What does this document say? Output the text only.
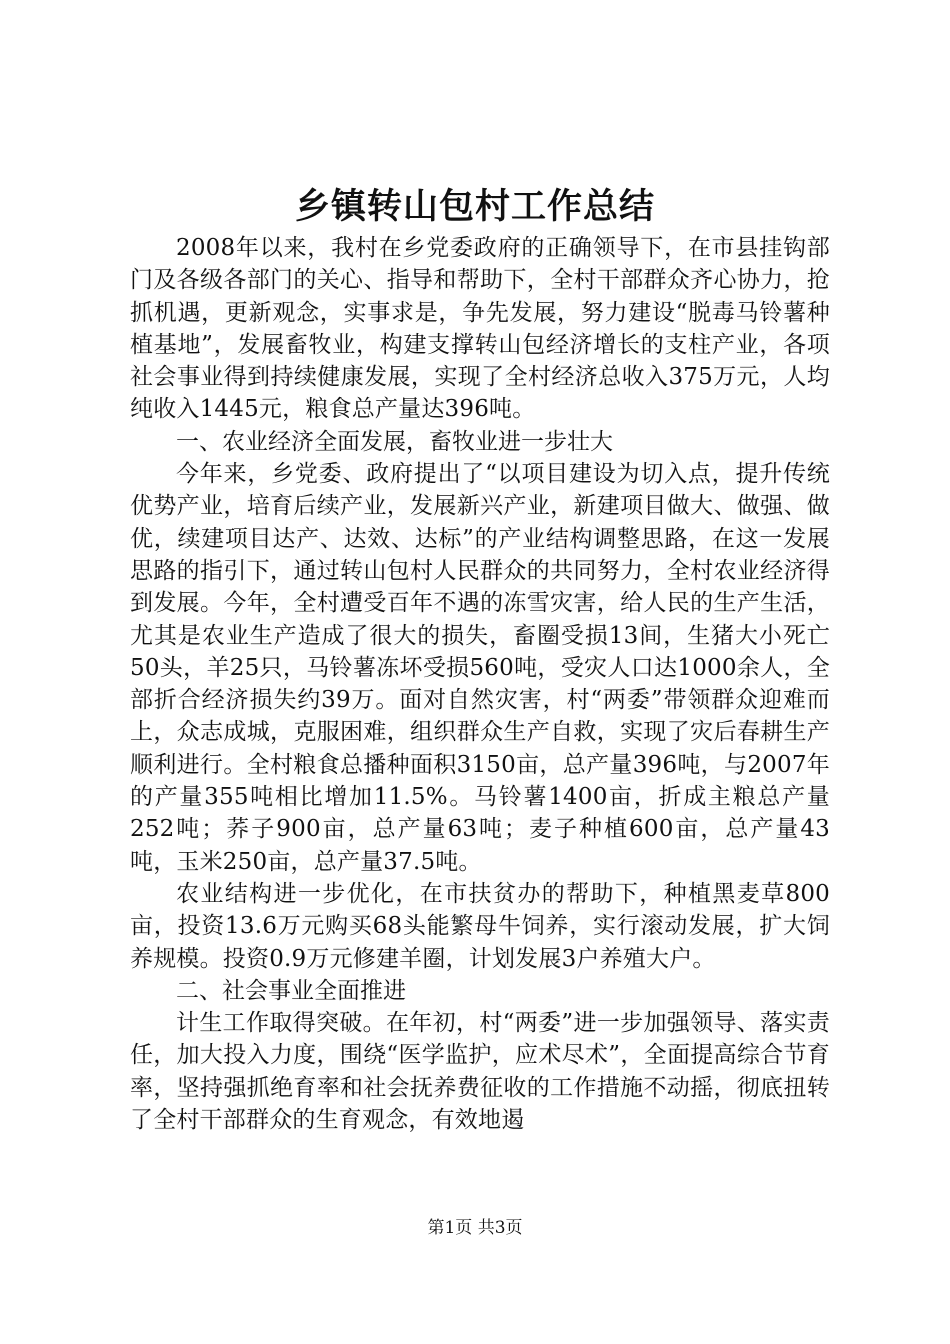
乡镇转山包村工作总结

2008年以来，我村在乡党委政府的正确领导下，在市县挂钩部门及各级各部门的关心、指导和帮助下，全村干部群众齐心协力，抢抓机遇，更新观念，实事求是，争先发展，努力建设“脱毒马铃薯种植基地”，发展畜牧业，构建支撑转山包经济增长的支柱产业，各项社会事业得到持续健康发展，实现了全村经济总收入375万元，人均纯收入1445元，粮食总产量达396吨。

一、农业经济全面发展，畜牧业进一步壮大

今年来，乡党委、政府提出了“以项目建设为切入点，提升传统优势产业，培育后续产业，发展新兴产业，新建项目做大、做强、做优，续建项目达产、达效、达标”的产业结构调整思路，在这一发展思路的指引下，通过转山包村人民群众的共同努力，全村农业经济得到发展。今年，全村遭受百年不遇的冻雪灾害，给人民的生产生活，尤其是农业生产造成了很大的损失，畜圈受损13间，生猪大小死亡50头，羊25只，马铃薯冻坏受损560吨，受灾人口达1000余人，全部折合经济损失约39万。面对自然灾害，村“两委”带领群众迎难而上，众志成城，克服困难，组织群众生产自救，实现了灾后春耕生产顺利进行。全村粮食总播种面积3150亩，总产量396吨，与2007年的产量355吨相比增加11.5%。马铃薯1400亩，折成主粮总产量252吨；荞子900亩，总产量63吨；麦子种植600亩，总产量43吨，玉米250亩，总产量37.5吨。

农业结构进一步优化，在市扶贫办的帮助下，种植黑麦草800亩，投资13.6万元购买68头能繁母牛饲养，实行滚动发展，扩大饲养规模。投资0.9万元修建羊圈，计划发展3户养殖大户。

二、社会事业全面推进

计生工作取得突破。在年初，村“两委”进一步加强领导、落实责任，加大投入力度，围绕“医学监护，应术尽术”，全面提高综合节育率，坚持强抓绝育率和社会抚养费征收的工作措施不动摇，彻底扭转了全村干部群众的生育观念，有效地遏

第1页 共3页
